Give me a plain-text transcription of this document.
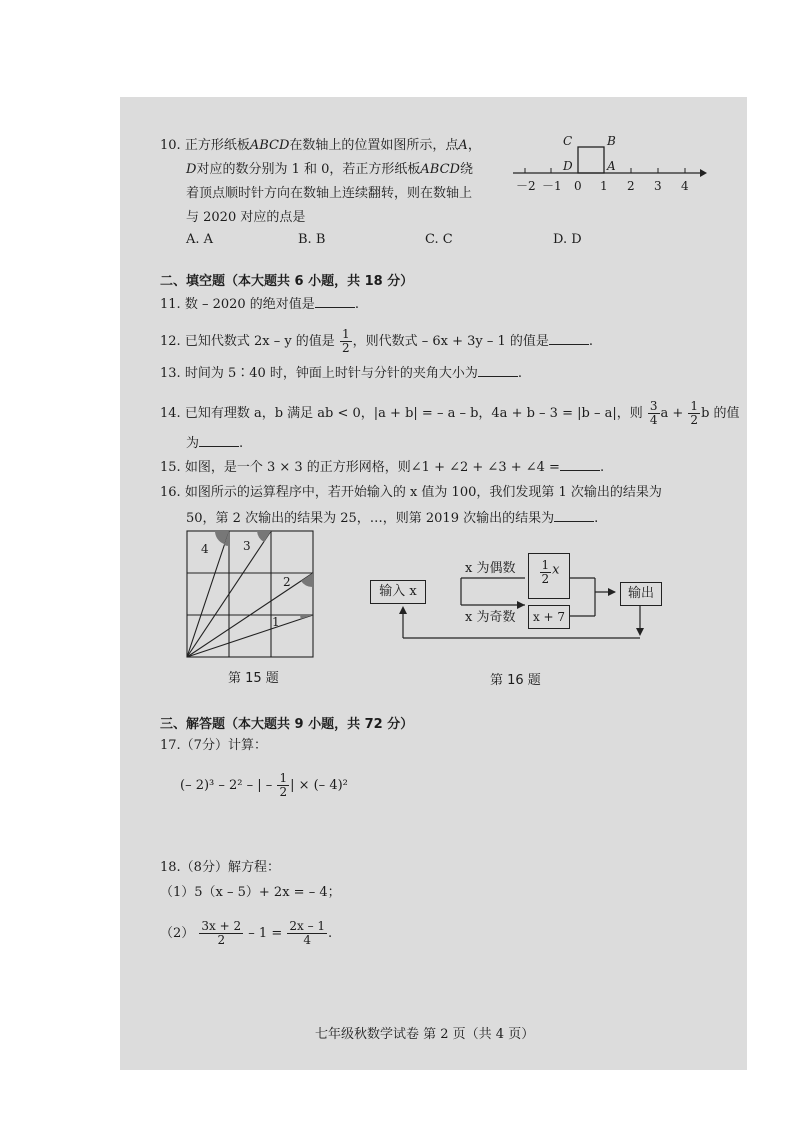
10. 正方形纸板ABCD在数轴上的位置如图所示，点A，
D对应的数分别为 1 和 0，若正方形纸板ABCD绕
着顶点顺时针方向在数轴上连续翻转，则在数轴上
与 2020 对应的点是
A. A	B. B	C. C	D. D
C	B
D	A
－2 －1 0 1 2 3 4
二、填空题（本大题共 6 小题，共 18 分）
11. 数 – 2020 的绝对值是	.
12. 已知代数式 2x – y 的值是 $\frac{1}{2}$ ，则代数式 – 6x + 3y – 1 的值是	.
13. 时间为 5∶40 时，钟面上时针与分针的夹角大小为	.
14. 已知有理数 a，b 满足 ab < 0，|a + b| = – a – b，4a + b – 3 = |b – a|，则 $\frac{3}{4}$ $a + \frac{1}{2}$ b 的值
为	.
15. 如图，是一个 3 × 3 的正方形网格，则∠1 + ∠2 + ∠3 + ∠4 =	.
16. 如图所示的运算程序中，若开始输入的 x 值为 100，我们发现第 1 次输出的结果为
50，第 2 次输出的结果为 25，…，则第 2019 次输出的结果为	.
4	3
2
1
第 15 题
输入 x
$\frac{1}{2}$ x
x + 7
输出
x 为偶数
x 为奇数
第 16 题
三、解答题（本大题共 9 小题，共 72 分）
17.（7分）计算：
(– 2)³ – 2² – | – $\frac{1}{2}$ | × (– 4)²
18.（8分）解方程：
（1）5（x – 5）+ 2x = – 4；
$(2) \frac{3x + 2}{2} - 1 = \frac{2x - 1}{4}$ .
七年级秋数学试卷 第 2 页（共 4 页）
